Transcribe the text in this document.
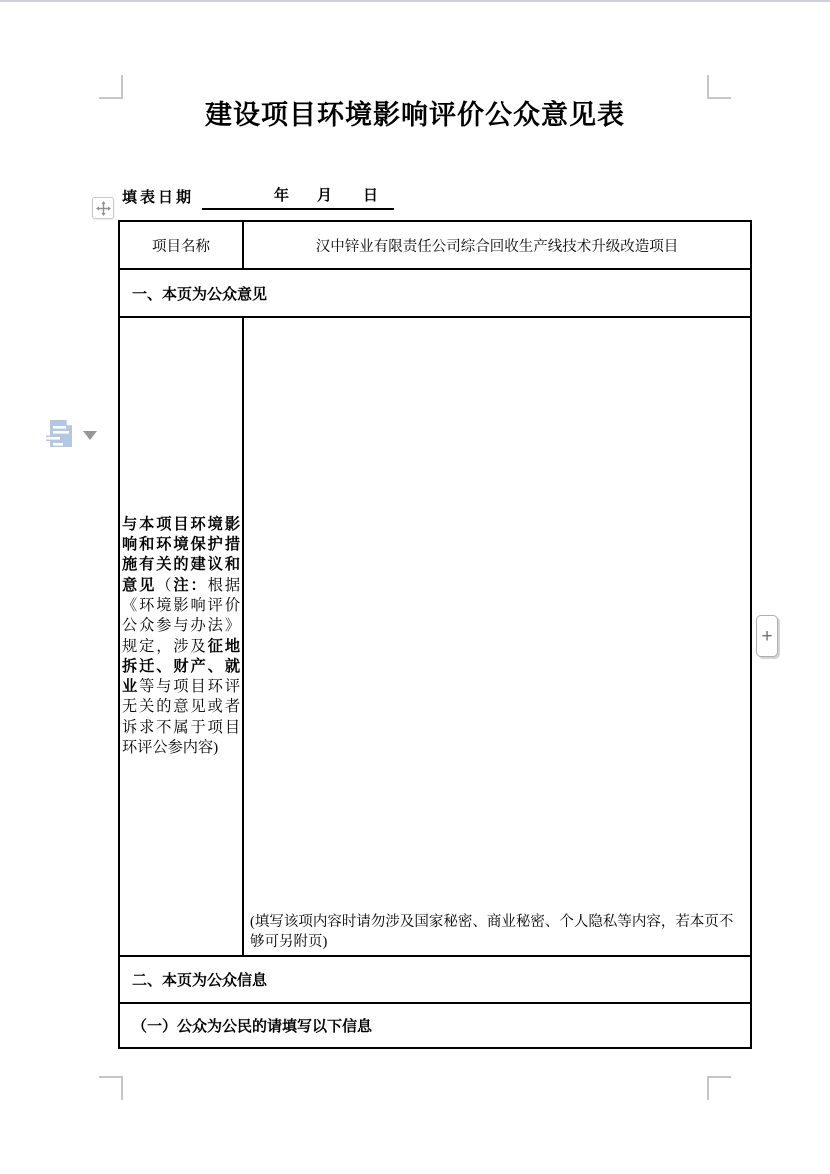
建设项目环境影响评价公众意见表
填表日期	年 月 日
项目名称	汉中锌业有限责任公司综合回收生产线技术升级改造项目
一、本页为公众意见
与本项目环境影响和环境保护措施有关的建议和意见（注：根据《环境影响评价公众参与办法》规定，涉及征地拆迁、财产、就业等与项目环评无关的意见或者诉求不属于项目环评公参内容)
(填写该项内容时请勿涉及国家秘密、商业秘密、个人隐私等内容，若本页不够可另附页)
二、本页为公众信息
（一）公众为公民的请填写以下信息
+
